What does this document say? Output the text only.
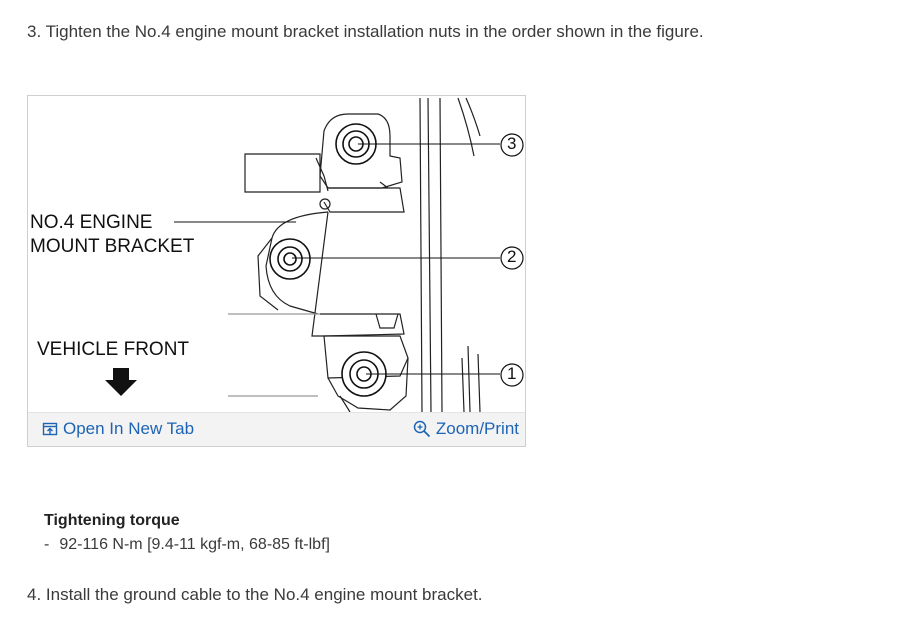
3. Tighten the No.4 engine mount bracket installation nuts in the order shown in the figure.

NO.4 ENGINE
MOUNT BRACKET
VEHICLE FRONT
3
2
1
Open In New Tab	Zoom/Print

Tightening torque

- 92-116 N-m [9.4-11 kgf-m, 68-85 ft-lbf]

4. Install the ground cable to the No.4 engine mount bracket.
